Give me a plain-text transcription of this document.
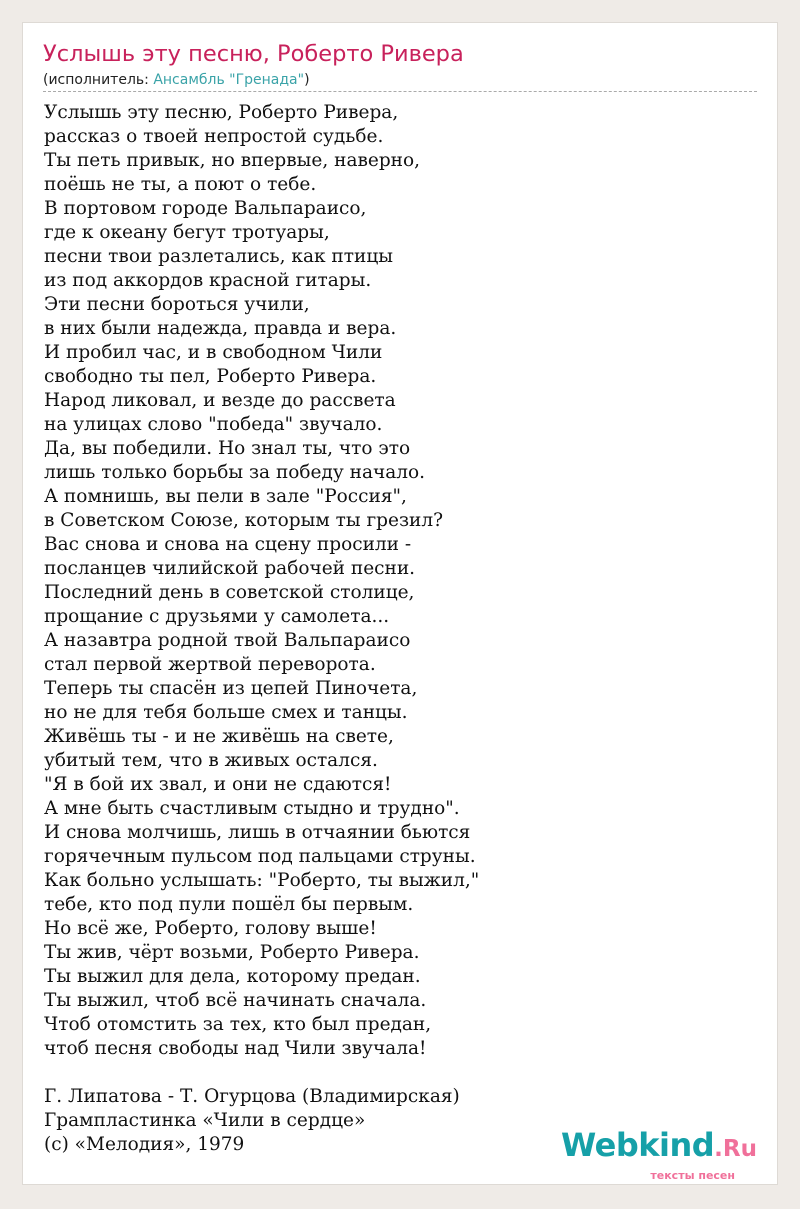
Услышь эту песню, Роберто Ривера
(исполнитель: Ансамбль "Гренада")
Услышь эту песню, Роберто Ривера,
рассказ о твоей непростой судьбе.
Ты петь привык, но впервые, наверно,
поёшь не ты, а поют о тебе.
В портовом городе Вальпараисо,
где к океану бегут тротуары,
песни твои разлетались, как птицы
из под аккордов красной гитары.
Эти песни бороться учили,
в них были надежда, правда и вера.
И пробил час, и в свободном Чили
свободно ты пел, Роберто Ривера.
Народ ликовал, и везде до рассвета
на улицах слово "победа" звучало.
Да, вы победили. Но знал ты, что это
лишь только борьбы за победу начало.
А помнишь, вы пели в зале "Россия",
в Советском Союзе, которым ты грезил?
Вас снова и снова на сцену просили -
посланцев чилийской рабочей песни.
Последний день в советской столице,
прощание с друзьями у самолета...
А назавтра родной твой Вальпараисо
стал первой жертвой переворота.
Теперь ты спасён из цепей Пиночета,
но не для тебя больше смех и танцы.
Живёшь ты - и не живёшь на свете,
убитый тем, что в живых остался.
"Я в бой их звал, и они не сдаются!
А мне быть счастливым стыдно и трудно".
И снова молчишь, лишь в отчаянии бьются
горячечным пульсом под пальцами струны.
Как больно услышать: "Роберто, ты выжил,"
тебе, кто под пули пошёл бы первым.
Но всё же, Роберто, голову выше!
Ты жив, чёрт возьми, Роберто Ривера.
Ты выжил для дела, которому предан.
Ты выжил, чтоб всё начинать сначала.
Чтоб отомстить за тех, кто был предан,
чтоб песня свободы над Чили звучала!
Г. Липатова - Т. Огурцова (Владимирская)
Грампластинка «Чили в сердце»
(c) «Мелодия», 1979	Webkind.Ru
тексты песен
